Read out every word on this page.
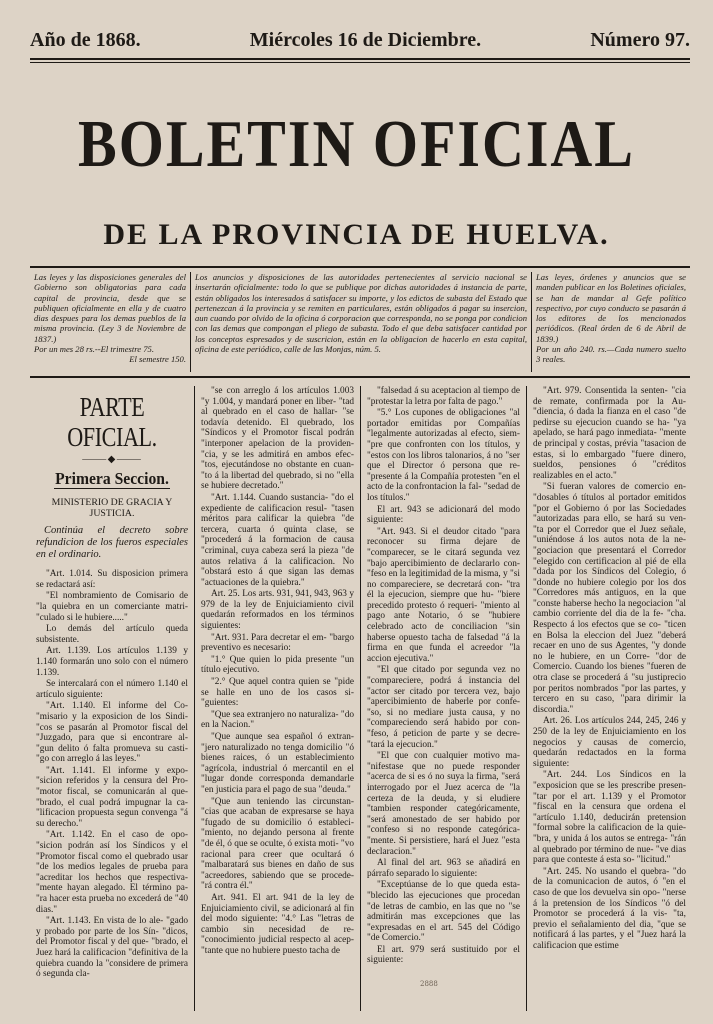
Año de 1868.	Miércoles 16 de Diciembre.	Número 97.
BOLETIN OFICIAL
DE LA PROVINCIA DE HUELVA.
Las leyes y las disposiciones generales del Gobierno son obligatorias para cada capital de provincia, desde que se publiquen oficialmente en ella y de cuatro dias despues para los demas pueblos de la misma provincia. (Ley 3 de Noviembre de 1837.)
Por un mes 28 rs.--El trimestre 75.
El semestre 150.
Los anuncios y disposiciones de las autoridades pertenecientes al servicio nacional se insertarán oficialmente: todo lo que se publique por dichas autoridades á instancia de parte, están obligados los interesados á satisfacer su importe, y los edictos de subasta del Estado que pertenezcan á la provincia y se remiten en particulares, están obligados á pagar su insercion, aun cuando por olvido de la oficina ó corporacion que corresponda, no se ponga por condicion con las demas que compongan el pliego de subasta. Todo el que deba satisfacer cantidad por los conceptos espresados y de suscricion, están en la obligacion de hacerlo en esta capital, oficina de este periódico, calle de las Monjas, núm. 5.
Las leyes, órdenes y anuncios que se manden publicar en los Boletines oficiales, se han de mandar al Gefe político respectivo, por cuyo conducto se pasarán á los editores de los mencionados periódicos. (Real órden de 6 de Abril de 1839.)
Por un año 240. rs.—Cada numero suelto 3 reales.
PARTE OFICIAL.
⸻◆⸻
Primera Seccion.
MINISTERIO DE GRACIA Y JUSTICIA.
Continúa el decreto sobre refundicion de los fueros especiales en el ordinario.

"Art. 1.014. Su disposicion primera se redactará así:

"El nombramiento de Comisario de "la quiebra en un comerciante matri- "culado si le hubiere....."

Lo demás del artículo queda subsistente.

Art. 1.139. Los artículos 1.139 y 1.140 formarán uno solo con el número 1.139.

Se intercalará con el número 1.140 el artículo siguiente:

"Art. 1.140. El informe del Co- "misario y la exposicion de los Sindi- "cos se pasarán al Promotor fiscal del "Juzgado, para que si encontrare al- "gun delito ó falta promueva su casti- "go con arreglo á las leyes."

"Art. 1.141. El informe y expo- "sicion referidos y la censura del Pro- "motor fiscal, se comunicarán al que- "brado, el cual podrá impugnar la ca- "lificacion propuesta segun convenga "á su derecho."

"Art. 1.142. En el caso de opo- "sicion podrán así los Síndicos y el "Promotor fiscal como el quebrado usar "de los medios legales de prueba para "acreditar los hechos que respectiva- "mente hayan alegado. El término pa- "ra hacer esta prueba no excederá de "40 dias."

"Art. 1.143. En vista de lo ale- "gado y probado por parte de los Sín- "dicos, del Promotor fiscal y del que- "brado, el Juez hará la calificacion "definitiva de la quiebra cuando la "considere de primera ó segunda cla-

"se con arreglo á los artículos 1.003 "y 1.004, y mandará poner en liber- "tad al quebrado en el caso de hallar- "se todavía detenido. El quebrado, los "Síndicos y el Promotor fiscal podrán "interponer apelacion de la providen- "cia, y se les admitirá en ambos efec- "tos, ejecutándose no obstante en cuan- "to á la libertad del quebrado, si no "ella se hubiere decretado."

"Art. 1.144. Cuando sustancia- "do el expediente de calificacion resul- "tasen méritos para calificar la quiebra "de tercera, cuarta ó quinta clase, se "procederá á la formacion de causa "criminal, cuya cabeza será la pieza "de autos relativa á la calificacion. No "obstará esto á que sigan las demas "actuaciones de la quiebra."

Art. 25. Los arts. 931, 941, 943, 963 y 979 de la ley de Enjuiciamiento civil quedarán reformados en los términos siguientes:

"Art. 931. Para decretar el em- "bargo preventivo es necesario:

"1.° Que quien lo pida presente "un título ejecutivo.

"2.° Que aquel contra quien se "pide se halle en uno de los casos si- "guientes:

"Que sea extranjero no naturaliza- "do en la Nacion."

"Que aunque sea español ó extran- "jero naturalizado no tenga domicilio "ó bienes raices, ó un establecimiento "agrícola, industrial ó mercantil en el "lugar donde corresponda demandarle "en justicia para el pago de sua "deuda."

"Que aun teniendo las circunstan- "cias que acaban de expresarse se haya "fugado de su domicilio ó estableci- "miento, no dejando persona al frente "de él, ó que se oculte, ó exista moti- "vo racional para creer que ocultará ó "malbaratará sus bienes en daño de sus "acreedores, sabiendo que se procede- "rá contra él."

Art. 941. El art. 941 de la ley de Enjuiciamiento civil, se adicionará al fin del modo siguiente: "4.° Las "letras de cambio sin necesidad de re- "conocimiento judicial respecto al acep- "tante que no hubiere puesto tacha de

"falsedad á su aceptacion al tiempo de "protestar la letra por falta de pago."

"5.° Los cupones de obligaciones "al portador emitidas por Compañías "legalmente autorizadas al efecto, siem- "pre que confronten con los títulos, y "estos con los libros talonarios, á no "ser que el Director ó persona que re- "presente á la Compañía protesten "en el acto de la confrontacion la fal- "sedad de los títulos."

El art. 943 se adicionará del modo siguiente:

"Art. 943. Si el deudor citado "para reconocer su firma dejare de "comparecer, se le citará segunda vez "bajo apercibimiento de declararlo con- "feso en la legitimidad de la misma, y "si no compareciere, se decretará con- "tra él la ejecucion, siempre que hu- "biere precedido protesto ó requeri- "miento al pago ante Notario, ó se "hubiere celebrado acto de conciliacion "sin haberse opuesto tacha de falsedad "á la firma en que funda el acreedor "la accion ejecutiva."

"El que citado por segunda vez no "compareciere, podrá á instancia del "actor ser citado por tercera vez, bajo "apercibimiento de haberle por confe- "so, si no mediare justa causa, y no "compareciendo será habido por con- "feso, á peticion de parte y se decre- "tará la ejecucion."

"El que con cualquier motivo ma- "nifestase que no puede responder "acerca de si es ó no suya la firma, "será interrogado por el Juez acerca de "la certeza de la deuda, y si eludiere "tambien responder categóricamente, "será amonestado de ser habido por "confeso si no responde categórica- "mente. Si persistiere, hará el Juez "esta declaracion."

Al final del art. 963 se añadirá en párrafo separado lo siguiente:

"Exceptúanse de lo que queda esta- "blecido las ejecuciones que procedan "de letras de cambio, en las que no "se admitirán mas excepciones que las "expresadas en el art. 545 del Código "de Comercio."

El art. 979 será sustituido por el siguiente:

"Art. 979. Consentida la senten- "cia de remate, confirmada por la Au- "diencia, ó dada la fianza en el caso "de pedirse su ejecucion cuando se ha- "ya apelado, se hará pago inmediata- "mente de principal y costas, prévia "tasacion de estas, si lo embargado "fuere dinero, sueldos, pensiones ó "créditos realizables en el acto."

"Si fueran valores de comercio en- "dosables ó títulos al portador emitidos "por el Gobierno ó por las Sociedades "autorizadas para ello, se hará su ven- "ta por el Corredor que el Juez señale, "uniéndose á los autos nota de la ne- "gociacion que presentará el Corredor "elegido con certificacion al pié de ella "dada por los Síndicos del Colegio, ó "donde no hubiere colegio por los dos "Corredores más antiguos, en la que "conste haberse hecho la negociacion "al cambio corriente del dia de la fe- "cha. Respecto á los efectos que se co- "ticen en Bolsa la eleccion del Juez "deberá recaer en uno de sus Agentes, "y donde no le hubiere, en un Corre- "dor de Comercio. Cuando los bienes "fueren de otra clase se procederá á "su justiprecio por peritos nombrados "por las partes, y tercero en su caso, "para dirimir la discordia."

Art. 26. Los artículos 244, 245, 246 y 250 de la ley de Enjuiciamiento en los negocios y causas de comercio, quedarán redactados en la forma siguiente:

"Art. 244. Los Síndicos en la "exposicion que se les prescribe presen- "tar por el art. 1.139 y el Promotor "fiscal en la censura que ordena el "artículo 1.140, deducirán pretension "formal sobre la calificacion de la quie- "bra, y unida á los autos se entrega- "rán al quebrado por término de nue- "ve dias para que conteste á esta so- "licitud."

"Art. 245. No usando el quebra- "do de la comunicacion de autos, ó "en el caso de que los devuelva sin opo- "nerse á la pretension de los Síndicos "ó del Promotor se procederá á la vis- "ta, previo el señalamiento del dia, "que se notificará á las partes, y el "Juez hará la calificacion que estime

2888
